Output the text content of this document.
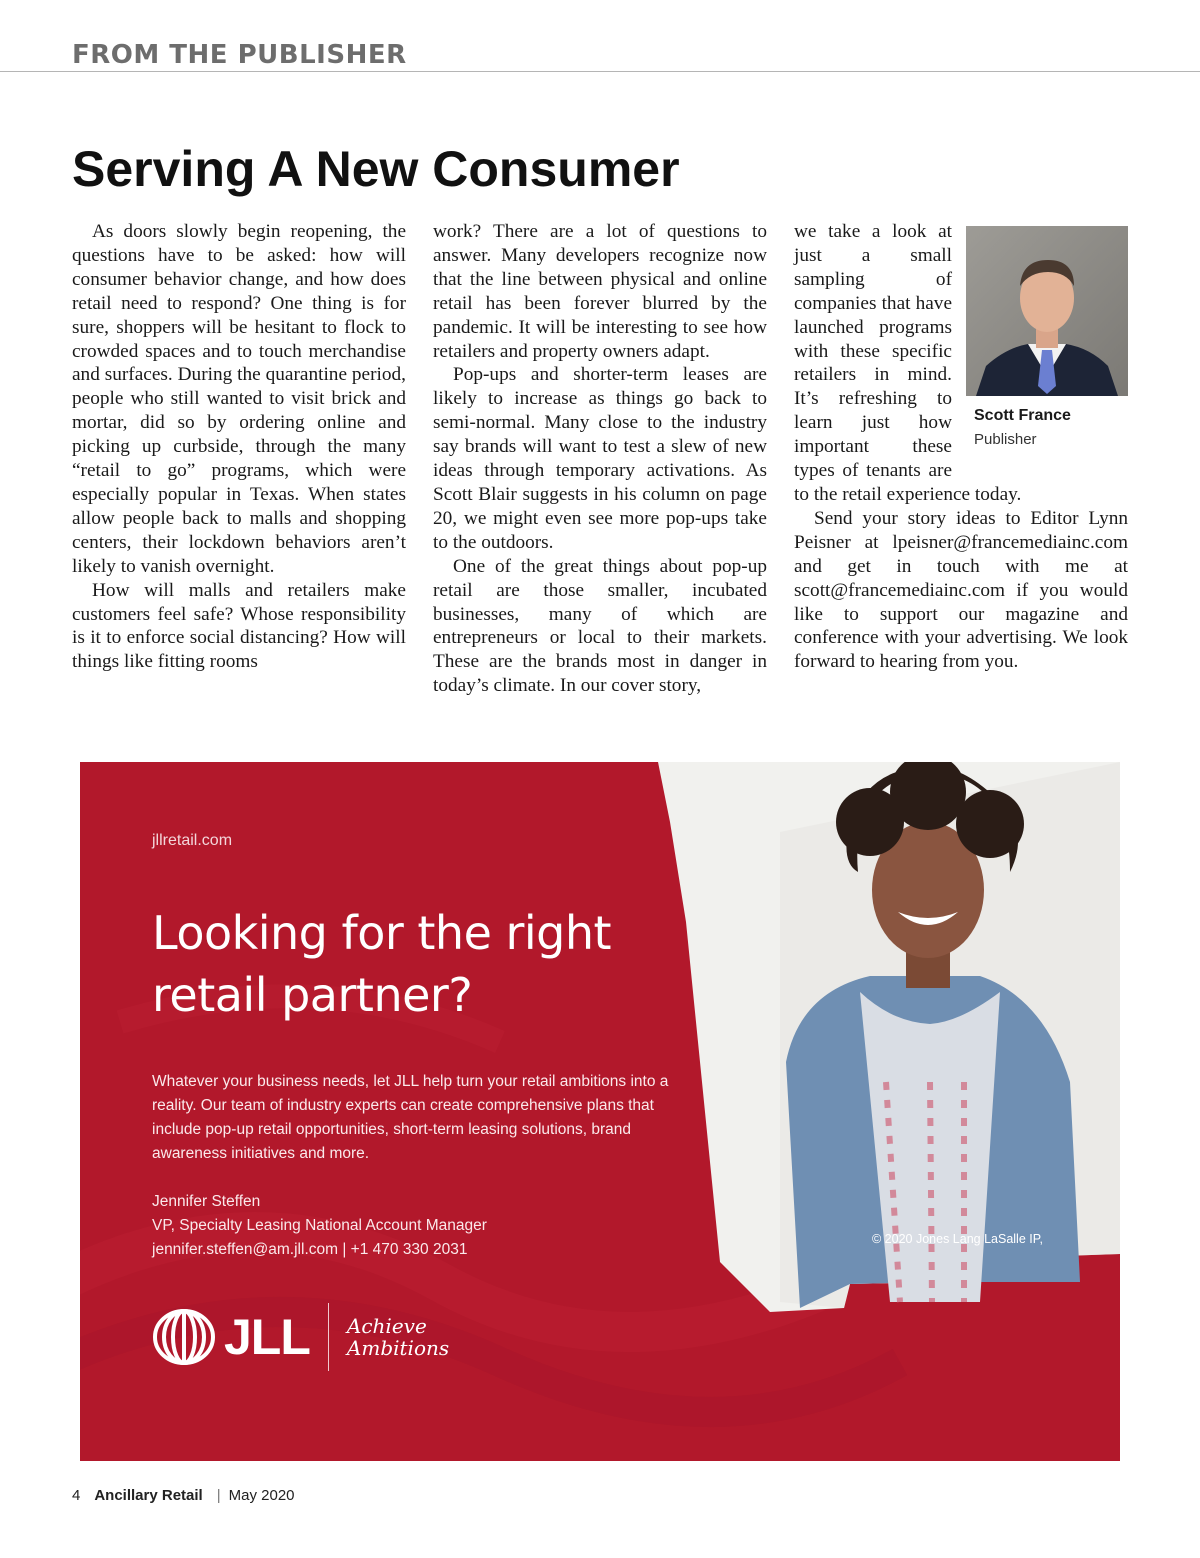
FROM THE PUBLISHER
Serving A New Consumer

As doors slowly begin reopening, the questions have to be asked: how will consumer behavior change, and how does retail need to respond? One thing is for sure, shoppers will be hesitant to flock to crowded spaces and to touch merchandise and surfaces. During the quarantine period, people who still wanted to visit brick and mortar, did so by ordering online and picking up curbside, through the many “retail to go” programs, which were especially popular in Texas. When states allow people back to malls and shopping centers, their lockdown behaviors aren’t likely to vanish overnight.

How will malls and retailers make customers feel safe? Whose responsibility is it to enforce social distancing? How will things like fitting rooms

work? There are a lot of questions to answer. Many developers recognize now that the line between physical and online retail has been forever blurred by the pandemic. It will be interesting to see how retailers and property owners adapt.

Pop-ups and shorter-term leases are likely to increase as things go back to semi-normal. Many close to the industry say brands will want to test a slew of new ideas through temporary activations. As Scott Blair suggests in his column on page 20, we might even see more pop-ups take to the outdoors.

One of the great things about pop-up retail are those smaller, incubated businesses, many of which are entrepreneurs or local to their markets. These are the brands most in danger in today’s climate. In our cover story,

Scott France
Publisher

we take a look at just a small sampling of companies that have launched programs with these specific retailers in mind. It’s refreshing to learn just how important these types of tenants are to the retail experience today.

Send your story ideas to Editor Lynn Peisner at lpeisner@francemediainc.com and get in touch with me at scott@francemediainc.com if you would like to support our magazine and conference with your advertising. We look forward to hearing from you.

jllretail.com
Looking for the right
retail partner?
Whatever your business needs, let JLL help turn your retail ambitions into a reality. Our team of industry experts can create comprehensive plans that include pop-up retail opportunities, short-term leasing solutions, brand awareness initiatives and more.
Jennifer Steffen
VP, Specialty Leasing National Account Manager
jennifer.steffen@am.jll.com | +1 470 330 2031
JLL Achieve
Ambitions
© 2020 Jones Lang LaSalle IP,
4 Ancillary Retail | May 2020
